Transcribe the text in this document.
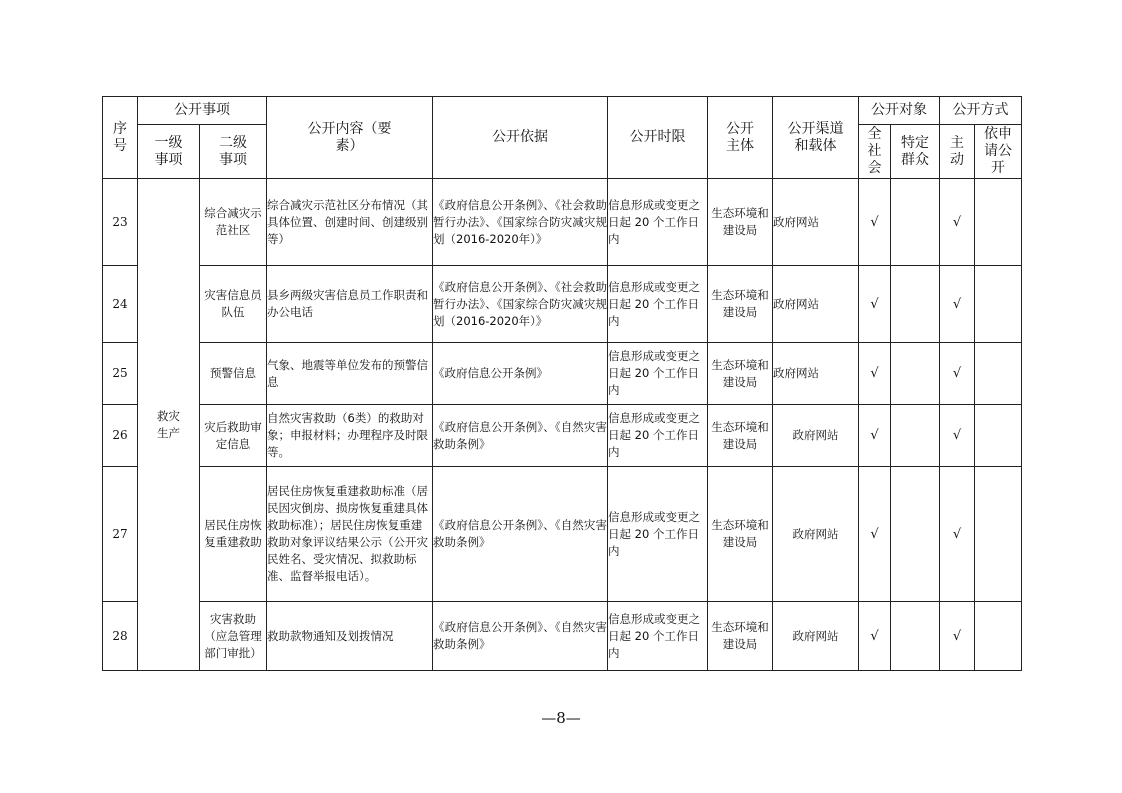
序号	公开事项		公开内容（要素）	公开依据	公开时限	公开主体	公开渠道和载体	公开对象		公开方式	
	一级事项	二级事项						全社会	特定群众	主动	依申请公开
23	救灾生产	综合减灾示范社区	综合减灾示范社区分布情况（其具体位置、创建时间、创建级别等）	《政府信息公开条例》、《社会救助暂行办法》、《国家综合防灾减灾规划（2016-2020年）》	信息形成或变更之日起 20 个工作日内	生态环境和建设局	政府网站	√		√	
24		灾害信息员队伍	县乡两级灾害信息员工作职责和办公电话	《政府信息公开条例》、《社会救助暂行办法》、《国家综合防灾减灾规划（2016-2020年）》	信息形成或变更之日起 20 个工作日内	生态环境和建设局	政府网站	√		√	
25		预警信息	气象、地震等单位发布的预警信息	《政府信息公开条例》	信息形成或变更之日起 20 个工作日内	生态环境和建设局	政府网站	√		√	
26		灾后救助审定信息	自然灾害救助（6类）的救助对象；申报材料；办理程序及时限等。	《政府信息公开条例》、《自然灾害救助条例》	信息形成或变更之日起 20 个工作日内	生态环境和建设局	政府网站	√		√	
27		居民住房恢复重建救助	居民住房恢复重建救助标准（居民因灾倒房、损房恢复重建具体救助标准）；居民住房恢复重建救助对象评议结果公示（公开灾民姓名、受灾情况、拟救助标准、监督举报电话）。	《政府信息公开条例》、《自然灾害救助条例》	信息形成或变更之日起 20 个工作日内	生态环境和建设局	政府网站	√		√	
28		灾害救助（应急管理部门审批）	救助款物通知及划拨情况	《政府信息公开条例》、《自然灾害救助条例》	信息形成或变更之日起 20 个工作日内	生态环境和建设局	政府网站	√		√	
—8—
